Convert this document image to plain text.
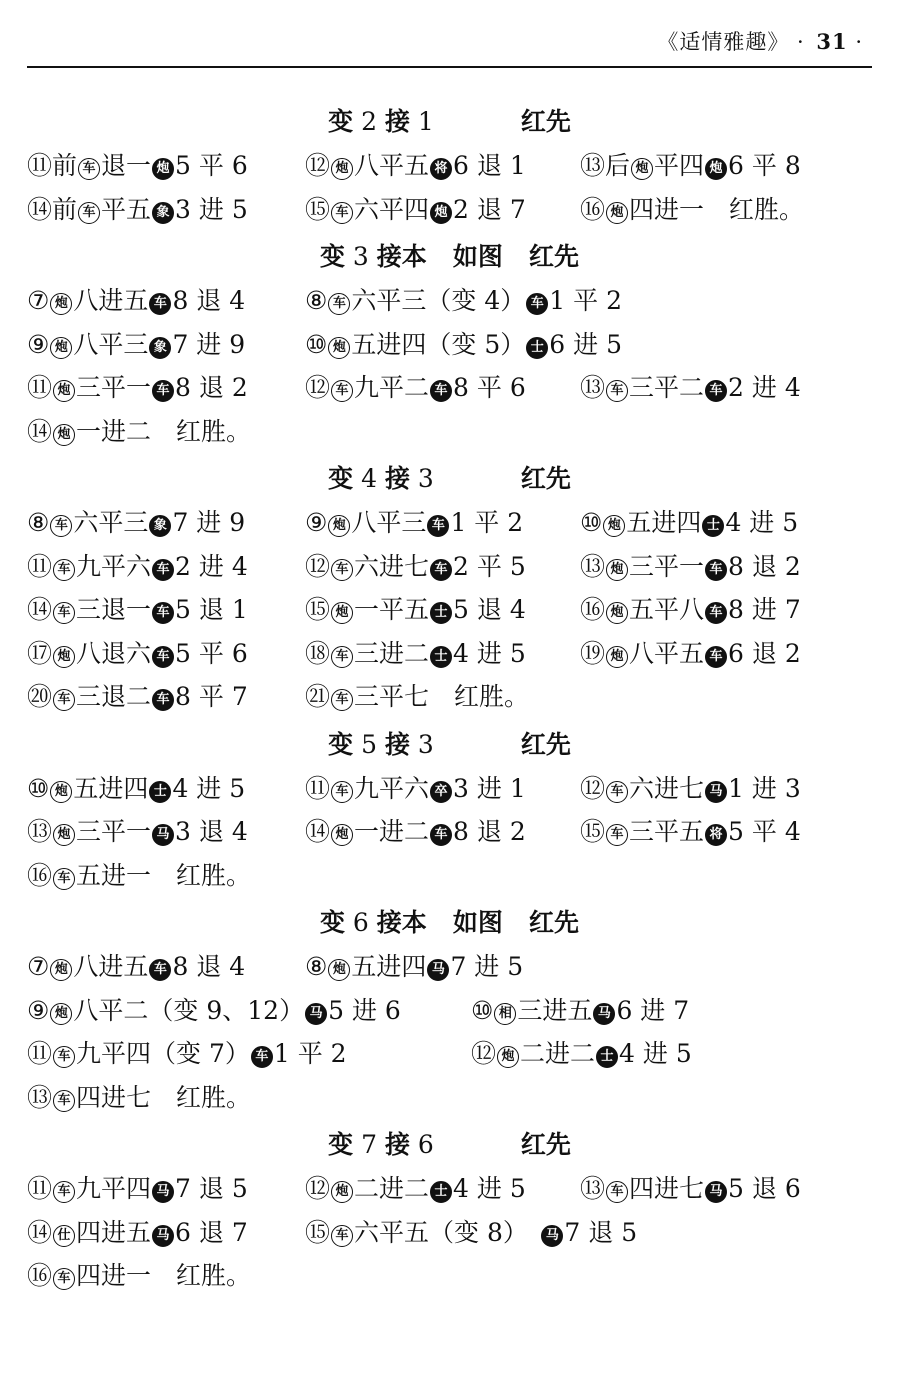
《适情雅趣》 · 31 ·
变 2 接 1          红先
⑪前 车 退一 炮 5 平 6 ⑫ 炮 八平五 将 6 退 1 ⑬后 炮 平四 炮 6 平 8
⑭前 车 平五 象 3 进 5 ⑮ 车 六平四 炮 2 退 7 ⑯ 炮 四进一　红胜。
变 3 接本   如图   红先
⑦ 炮 八进五 车 8 退 4 ⑧ 车 六平三（变 4） 车 1 平 2
⑨ 炮 八平三 象 7 进 9 ⑩ 炮 五进四（变 5） 士 6 进 5
⑪ 炮 三平一 车 8 退 2 ⑫ 车 九平二 车 8 平 6 ⑬ 车 三平二 车 2 进 4
⑭ 炮 一进二　红胜。
变 4 接 3          红先
⑧ 车 六平三 象 7 进 9 ⑨ 炮 八平三 车 1 平 2 ⑩ 炮 五进四 士 4 进 5
⑪ 车 九平六 车 2 进 4 ⑫ 车 六进七 车 2 平 5 ⑬ 炮 三平一 车 8 退 2
⑭ 车 三退一 车 5 退 1 ⑮ 炮 一平五 士 5 退 4 ⑯ 炮 五平八 车 8 进 7
⑰ 炮 八退六 车 5 平 6 ⑱ 车 三进二 士 4 进 5 ⑲ 炮 八平五 车 6 退 2
⑳ 车 三退二 车 8 平 7 ㉑ 车 三平七　红胜。
变 5 接 3          红先
⑩ 炮 五进四 士 4 进 5 ⑪ 车 九平六 卒 3 进 1 ⑫ 车 六进七 马 1 进 3
⑬ 炮 三平一 马 3 退 4 ⑭ 炮 一进二 车 8 退 2 ⑮ 车 三平五 将 5 平 4
⑯ 车 五进一　红胜。
变 6 接本   如图   红先
⑦ 炮 八进五 车 8 退 4 ⑧ 炮 五进四 马 7 进 5
⑨ 炮 八平二（变 9、12） 马 5 进 6	⑩ 相 三进五 马 6 进 7
⑪ 车 九平四（变 7） 车 1 平 2	⑫ 炮 二进二 士 4 进 5
⑬ 车 四进七　红胜。
变 7 接 6          红先
⑪ 车 九平四 马 7 退 5 ⑫ 炮 二进二 士 4 进 5 ⑬ 车 四进七 马 5 退 6
⑭ 仕 四进五 马 6 退 7 ⑮ 车 六平五（变 8）　 马 7 退 5
⑯ 车 四进一　红胜。
